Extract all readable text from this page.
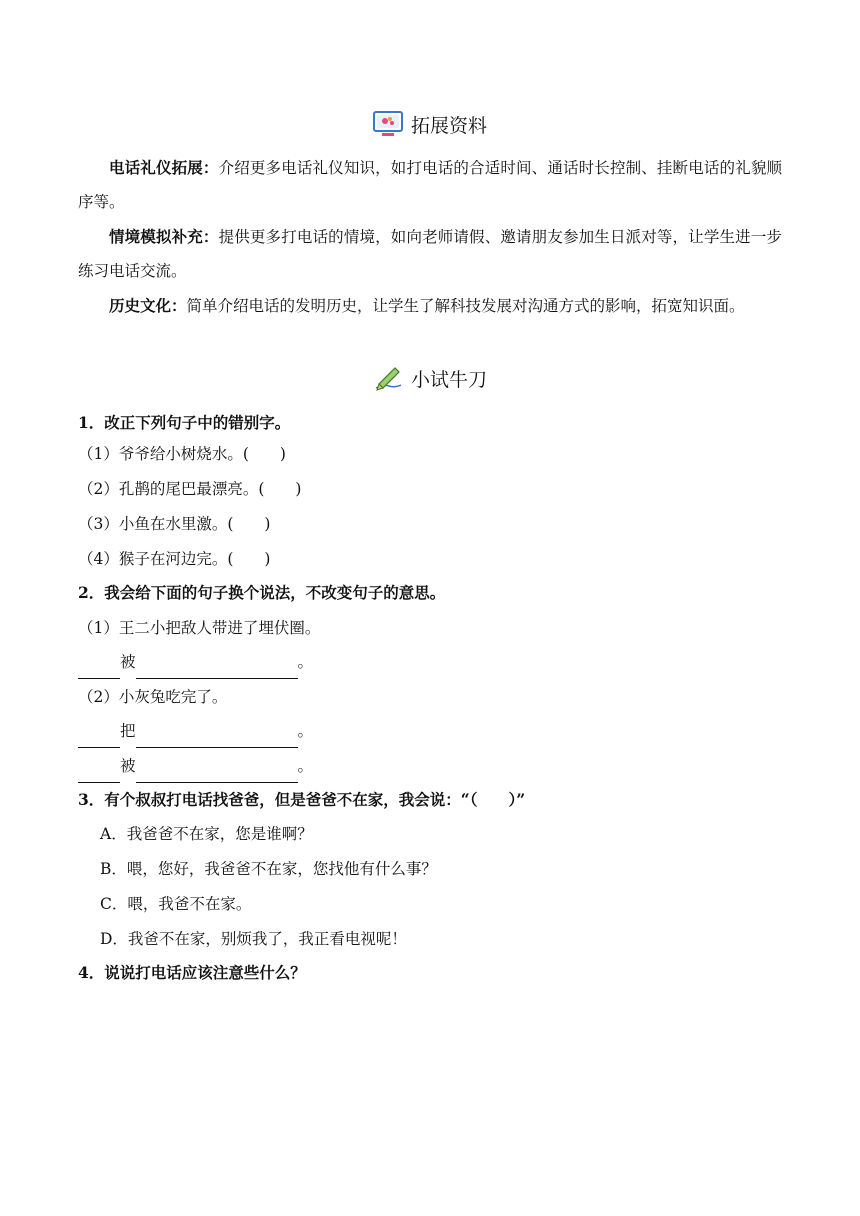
拓展资料
电话礼仪拓展：介绍更多电话礼仪知识，如打电话的合适时间、通话时长控制、挂断电话的礼貌顺序等。
情境模拟补充：提供更多打电话的情境，如向老师请假、邀请朋友参加生日派对等，让学生进一步练习电话交流。
历史文化：简单介绍电话的发明历史，让学生了解科技发展对沟通方式的影响，拓宽知识面。
小试牛刀
1．改正下列句子中的错别字。
（1）爷爷给小树烧水。(　　)
（2）孔鹊的尾巴最漂亮。(　　)
（3）小鱼在水里激。(　　)
（4）猴子在河边完。(　　)
2．我会给下面的句子换个说法，不改变句子的意思。
（1）王二小把敌人带进了埋伏圈。
被	。
（2）小灰兔吃完了。
把	。
被	。
3．有个叔叔打电话找爸爸，但是爸爸不在家，我会说：“（　　）”
A．我爸爸不在家，您是谁啊？
B．喂，您好，我爸爸不在家，您找他有什么事？
C．喂，我爸不在家。
D．我爸不在家，别烦我了，我正看电视呢！
4．说说打电话应该注意些什么？
